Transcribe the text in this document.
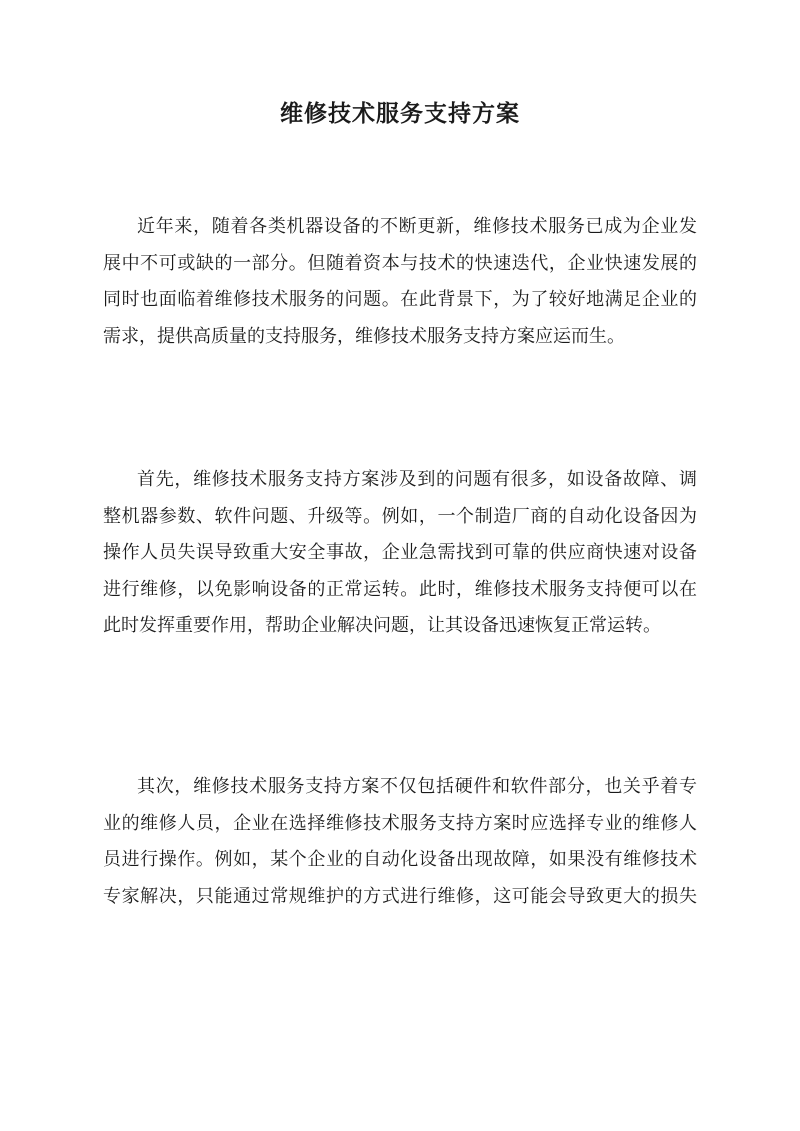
维修技术服务支持方案
近年来，随着各类机器设备的不断更新，维修技术服务已成为企业发
展中不可或缺的一部分。但随着资本与技术的快速迭代，企业快速发展的
同时也面临着维修技术服务的问题。在此背景下，为了较好地满足企业的
需求，提供高质量的支持服务，维修技术服务支持方案应运而生。
首先，维修技术服务支持方案涉及到的问题有很多，如设备故障、调
整机器参数、软件问题、升级等。例如，一个制造厂商的自动化设备因为
操作人员失误导致重大安全事故，企业急需找到可靠的供应商快速对设备
进行维修，以免影响设备的正常运转。此时，维修技术服务支持便可以在
此时发挥重要作用，帮助企业解决问题，让其设备迅速恢复正常运转。
其次，维修技术服务支持方案不仅包括硬件和软件部分，也关乎着专
业的维修人员，企业在选择维修技术服务支持方案时应选择专业的维修人
员进行操作。例如，某个企业的自动化设备出现故障，如果没有维修技术
专家解决，只能通过常规维护的方式进行维修，这可能会导致更大的损失
